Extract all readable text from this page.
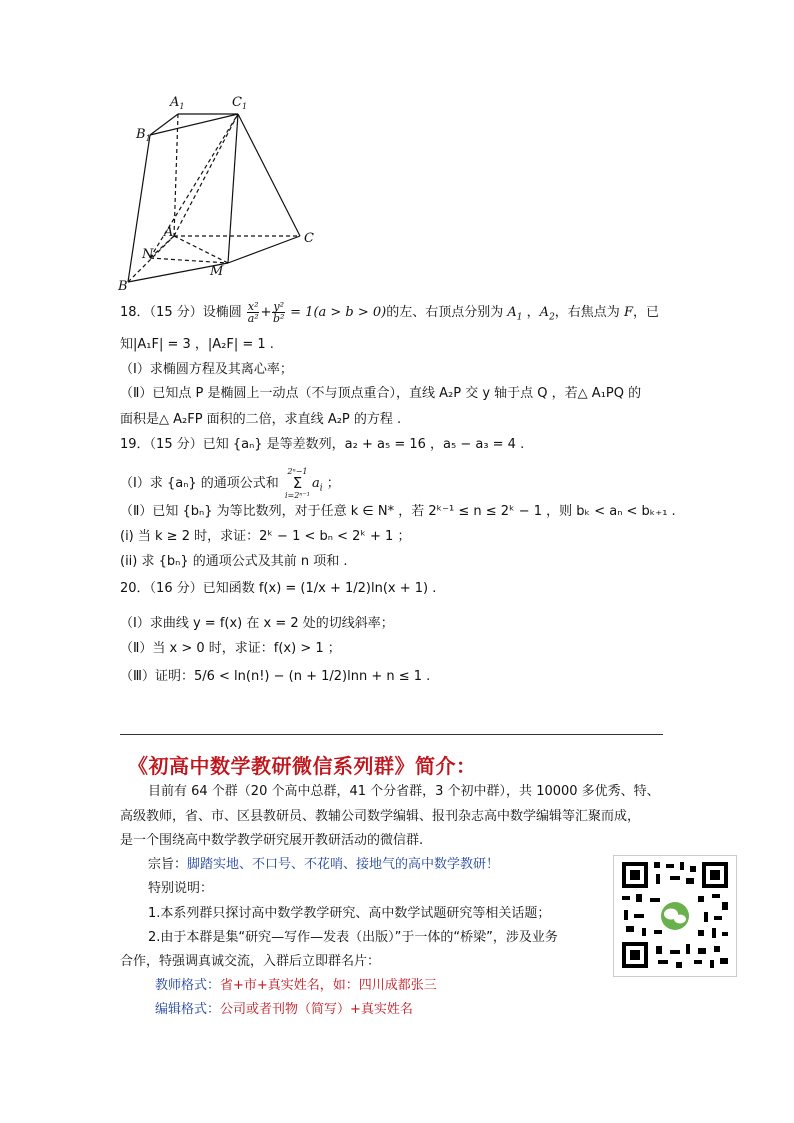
$A_1$	$C_1$
$B_1$
A	C
N
M
B
18．（15 分）设椭圆 $\frac{\text{x²}}{\text{a²}} + \frac{\text{y²}}{\text{b²}} = 1(a > b > 0)$的左、右顶点分别为 $A_1$ ，$A_2$，右焦点为 F，已
知|A₁F| = 3 ，|A₂F| = 1 .
（Ⅰ）求椭圆方程及其离心率；
（Ⅱ）已知点 P 是椭圆上一动点（不与顶点重合），直线 A₂P 交 y 轴于点 Q ，若△ A₁PQ 的
面积是△ A₂FP 面积的二倍，求直线 A₂P 的方程 .
19．（15 分）已知 {aₙ} 是等差数列，a₂ + a₅ = 16 ，a₅ − a₃ = 4 .
（Ⅰ）求 {aₙ} 的通项公式和
2ⁿ−1
Σ
i=2ⁿ⁻¹
$a_i$ ；
（Ⅱ）已知 {bₙ} 为等比数列，对于任意 k ∈ N* ，若 2ᵏ⁻¹ ≤ n ≤ 2ᵏ − 1 ，则 bₖ < aₙ < bₖ₊₁ .
(i) 当 k ≥ 2 时，求证：2ᵏ − 1 < bₙ < 2ᵏ + 1 ；
(ii) 求 {bₙ} 的通项公式及其前 n 项和 .
20．（16 分）已知函数 f(x) = (1/x + 1/2)ln(x + 1) .
（Ⅰ）求曲线 y = f(x) 在 x = 2 处的切线斜率；
（Ⅱ）当 x > 0 时，求证：f(x) > 1 ；
（Ⅲ）证明：5/6 < ln(n!) − (n + 1/2)lnn + n ≤ 1 .
《初高中数学教研微信系列群》简介：
目前有 64 个群（20 个高中总群，41 个分省群，3 个初中群），共 10000 多优秀、特、
高级教师，省、市、区县教研员、教辅公司数学编辑、报刊杂志高中数学编辑等汇聚而成，
是一个围绕高中数学教学研究展开教研活动的微信群.
宗旨：脚踏实地、不口号、不花哨、接地气的高中数学教研！
特别说明：
1.本系列群只探讨高中数学教学研究、高中数学试题研究等相关话题；
2.由于本群是集“研究—写作—发表（出版）”于一体的“桥梁”，涉及业务
合作，特强调真诚交流，入群后立即群名片：
教师格式：省+市+真实姓名，如：四川成都张三
编辑格式：公司或者刊物（简写）+真实姓名
